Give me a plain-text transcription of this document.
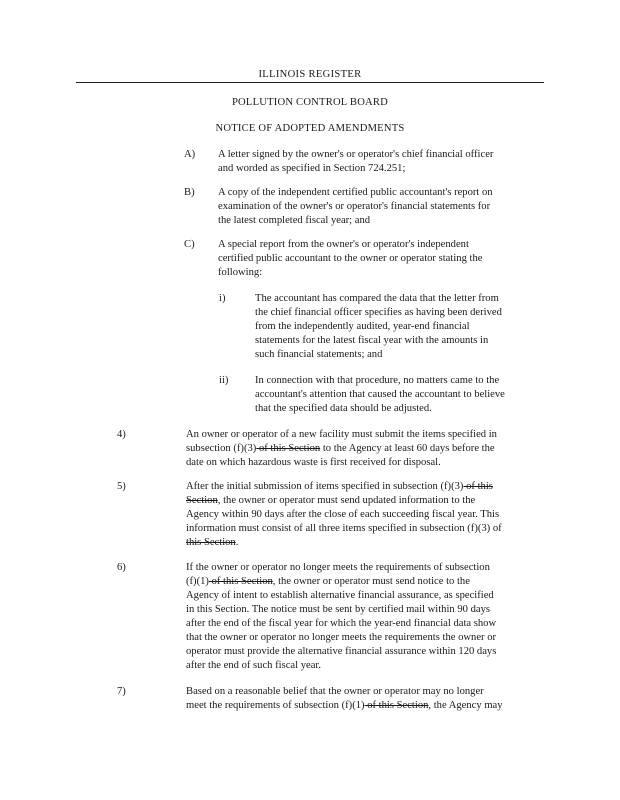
ILLINOIS REGISTER
POLLUTION CONTROL BOARD
NOTICE OF ADOPTED AMENDMENTS
A) A letter signed by the owner's or operator's chief financial officer
and worded as specified in Section 724.251;
B) A copy of the independent certified public accountant's report on
examination of the owner's or operator's financial statements for
the latest completed fiscal year; and
C) A special report from the owner's or operator's independent
certified public accountant to the owner or operator stating the
following:
i)	The accountant has compared the data that the letter from
the chief financial officer specifies as having been derived
from the independently audited, year-end financial
statements for the latest fiscal year with the amounts in
such financial statements; and
ii)	In connection with that procedure, no matters came to the
accountant's attention that caused the accountant to believe
that the specified data should be adjusted.
4)	An owner or operator of a new facility must submit the items specified in
subsection (f)(3) of this Section to the Agency at least 60 days before the
date on which hazardous waste is first received for disposal.
5)	After the initial submission of items specified in subsection (f)(3) of this
Section, the owner or operator must send updated information to the
Agency within 90 days after the close of each succeeding fiscal year. This
information must consist of all three items specified in subsection (f)(3) of
this Section.
6)	If the owner or operator no longer meets the requirements of subsection
(f)(1) of this Section, the owner or operator must send notice to the
Agency of intent to establish alternative financial assurance, as specified
in this Section. The notice must be sent by certified mail within 90 days
after the end of the fiscal year for which the year-end financial data show
that the owner or operator no longer meets the requirements the owner or
operator must provide the alternative financial assurance within 120 days
after the end of such fiscal year.
7)	Based on a reasonable belief that the owner or operator may no longer
meet the requirements of subsection (f)(1) of this Section, the Agency may
